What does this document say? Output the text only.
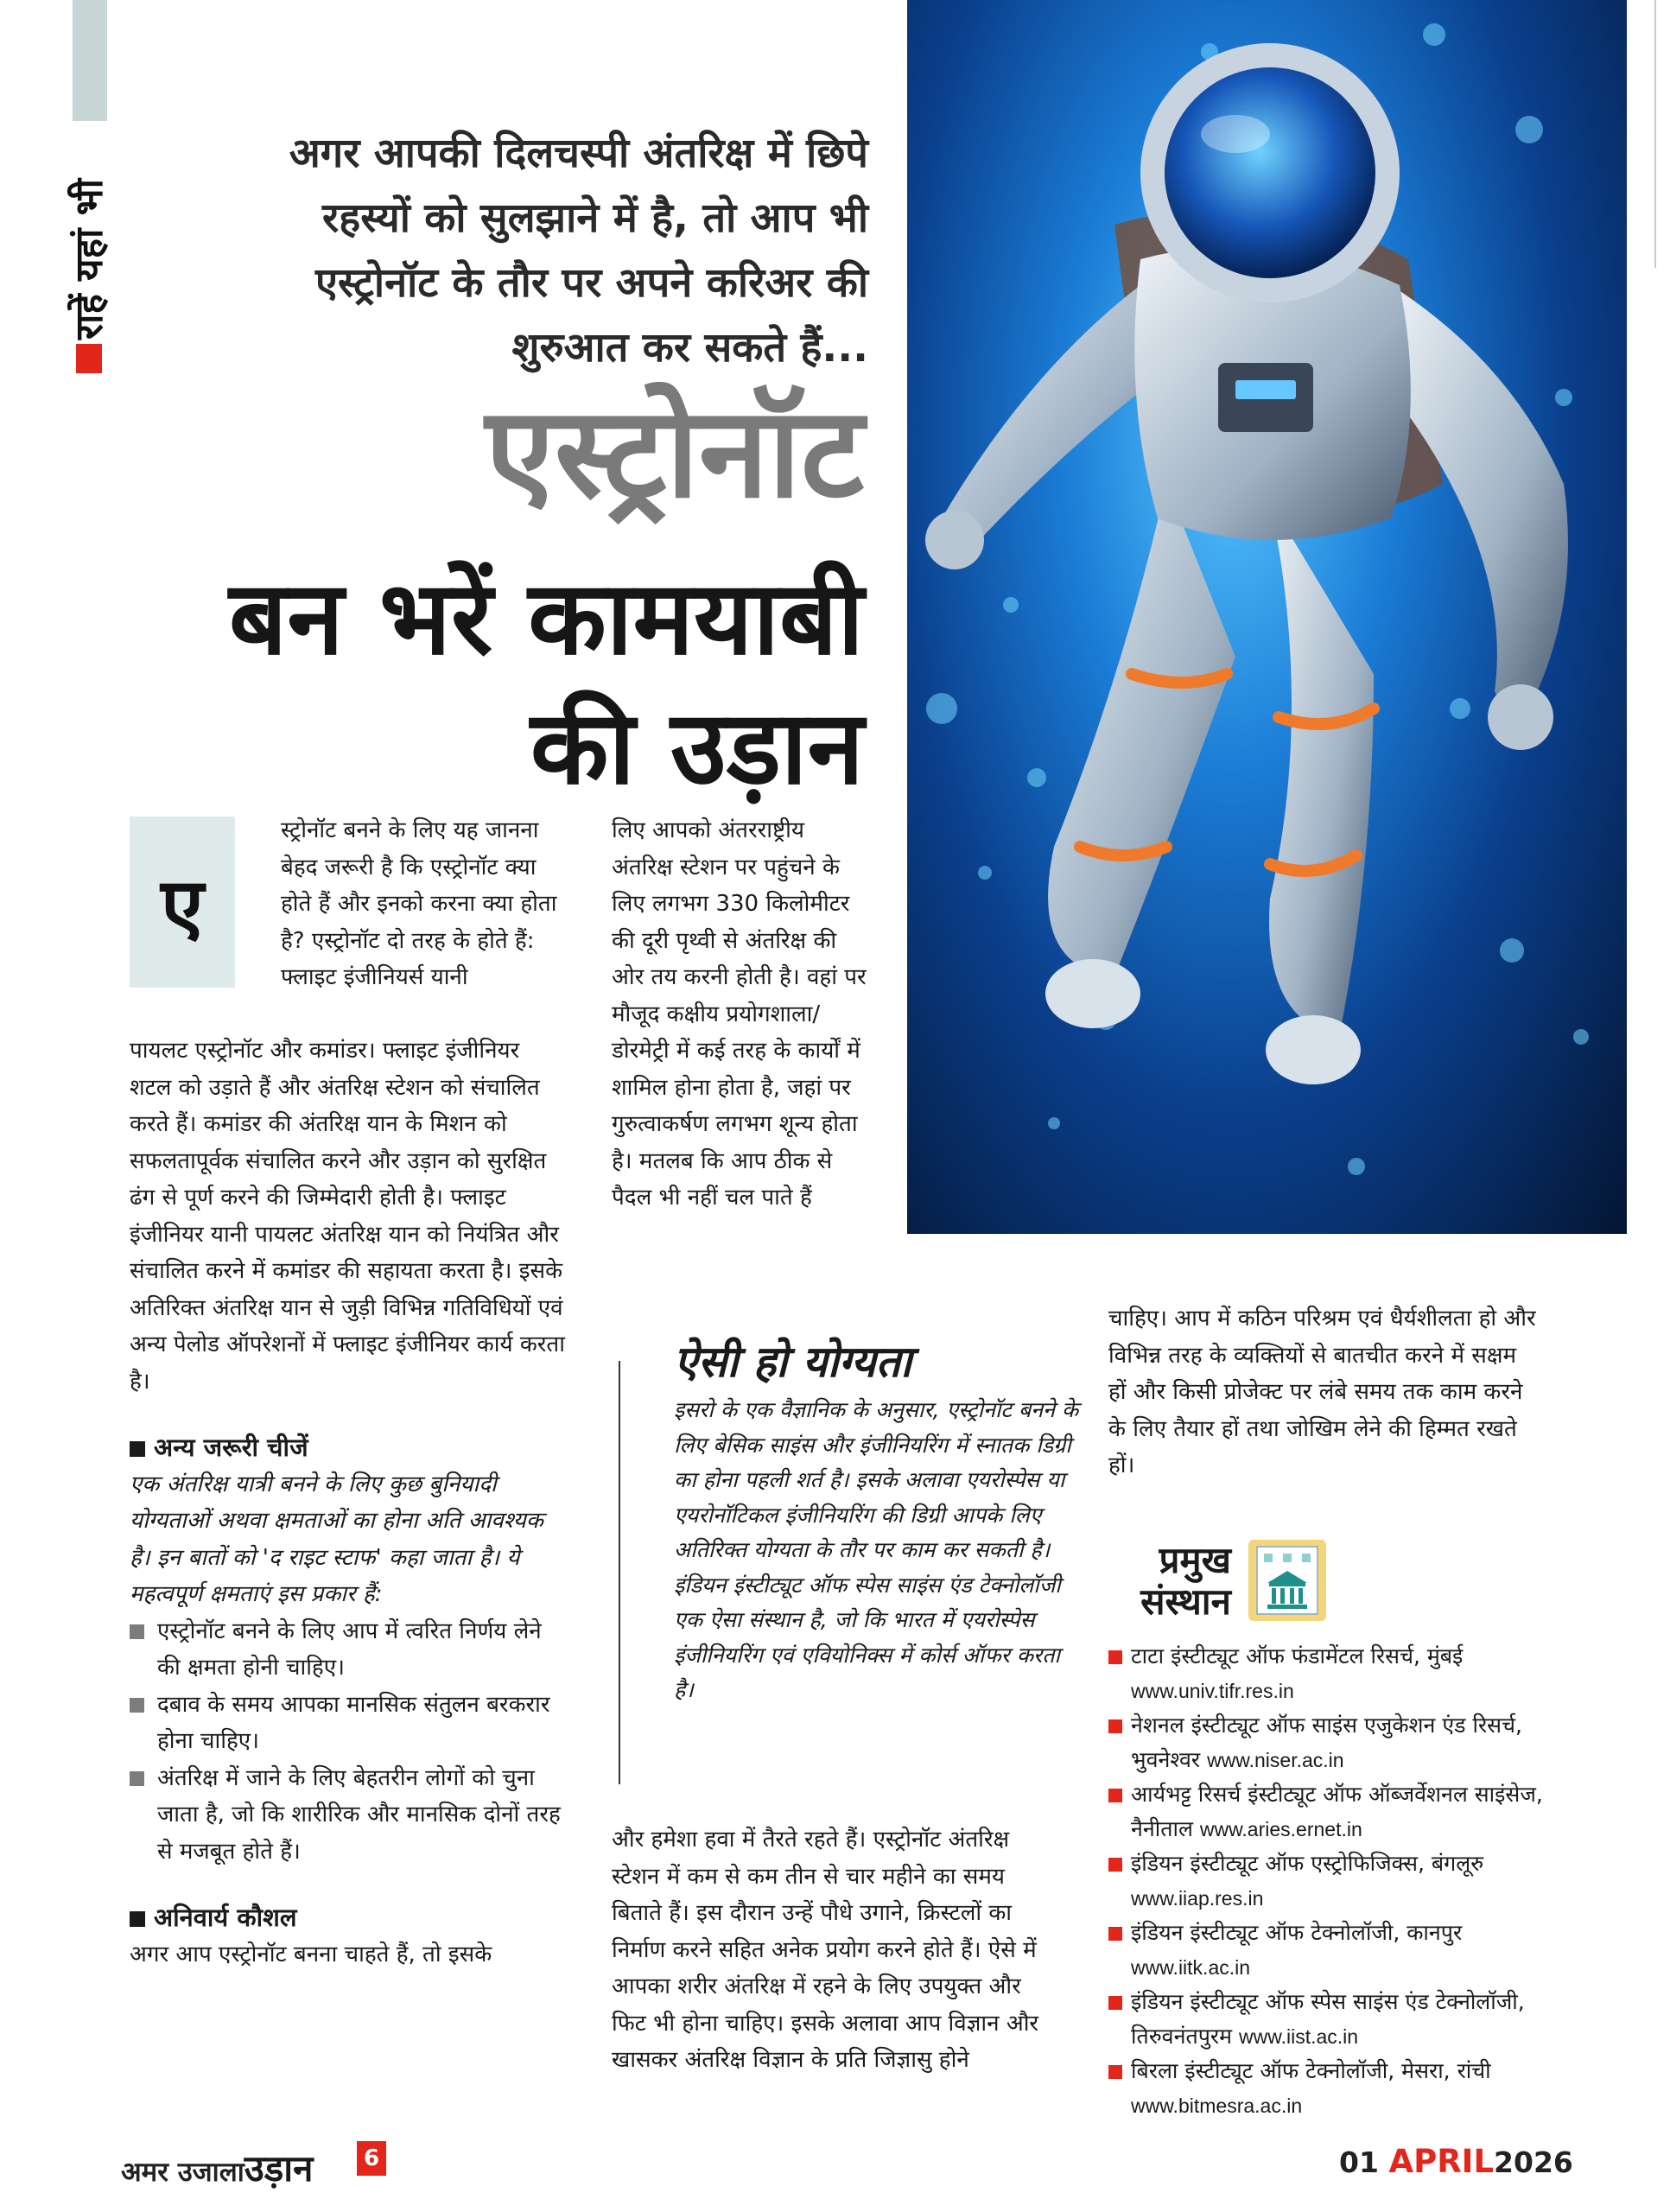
राहें यहां भी
अगर आपकी दिलचस्पी अंतरिक्ष में छिपे रहस्यों को सुलझाने में है, तो आप भी एस्ट्रोनॉट के तौर पर अपने करिअर की शुरुआत कर सकते हैं...
एस्ट्रोनॉट
बन भरें कामयाबी
की उड़ान
ए
स्ट्रोनॉट बनने के लिए यह जानना बेहद जरूरी है कि एस्ट्रोनॉट क्या होते हैं और इनको करना क्या होता है? एस्ट्रोनॉट दो तरह के होते हैं: फ्लाइट इंजीनियर्स यानी
पायलट एस्ट्रोनॉट और कमांडर। फ्लाइट इंजीनियर शटल को उड़ाते हैं और अंतरिक्ष स्टेशन को संचालित करते हैं। कमांडर की अंतरिक्ष यान के मिशन को सफलतापूर्वक संचालित करने और उड़ान को सुरक्षित ढंग से पूर्ण करने की जिम्मेदारी होती है। फ्लाइट इंजीनियर यानी पायलट अंतरिक्ष यान को नियंत्रित और संचालित करने में कमांडर की सहायता करता है। इसके अतिरिक्त अंतरिक्ष यान से जुड़ी विभिन्न गतिविधियों एवं अन्य पेलोड ऑपरेशनों में फ्लाइट इंजीनियर कार्य करता है।
अन्य जरूरी चीजें
एक अंतरिक्ष यात्री बनने के लिए कुछ बुनियादी योग्यताओं अथवा क्षमताओं का होना अति आवश्यक है। इन बातों को 'द राइट स्टाफ' कहा जाता है। ये महत्वपूर्ण क्षमताएं इस प्रकार हैं:
एस्ट्रोनॉट बनने के लिए आप में त्वरित निर्णय लेने की क्षमता होनी चाहिए।
दबाव के समय आपका मानसिक संतुलन बरकरार होना चाहिए।
अंतरिक्ष में जाने के लिए बेहतरीन लोगों को चुना जाता है, जो कि शारीरिक और मानसिक दोनों तरह से मजबूत होते हैं।
अनिवार्य कौशल
अगर आप एस्ट्रोनॉट बनना चाहते हैं, तो इसके
लिए आपको अंतरराष्ट्रीय अंतरिक्ष स्टेशन पर पहुंचने के लिए लगभग 330 किलोमीटर की दूरी पृथ्वी से अंतरिक्ष की ओर तय करनी होती है। वहां पर मौजूद कक्षीय प्रयोगशाला/ डोरमेट्री में कई तरह के कार्यों में शामिल होना होता है, जहां पर गुरुत्वाकर्षण लगभग शून्य होता है। मतलब कि आप ठीक से पैदल भी नहीं चल पाते हैं
ऐसी हो योग्यता
इसरो के एक वैज्ञानिक के अनुसार, एस्ट्रोनॉट बनने के लिए बेसिक साइंस और इंजीनियरिंग में स्नातक डिग्री का होना पहली शर्त है। इसके अलावा एयरोस्पेस या एयरोनॉटिकल इंजीनियरिंग की डिग्री आपके लिए अतिरिक्त योग्यता के तौर पर काम कर सकती है। इंडियन इंस्टीट्यूट ऑफ स्पेस साइंस एंड टेक्नोलॉजी एक ऐसा संस्थान है, जो कि भारत में एयरोस्पेस इंजीनियरिंग एवं एवियोनिक्स में कोर्स ऑफर करता है।
और हमेशा हवा में तैरते रहते हैं। एस्ट्रोनॉट अंतरिक्ष स्टेशन में कम से कम तीन से चार महीने का समय बिताते हैं। इस दौरान उन्हें पौधे उगाने, क्रिस्टलों का निर्माण करने सहित अनेक प्रयोग करने होते हैं। ऐसे में आपका शरीर अंतरिक्ष में रहने के लिए उपयुक्त और फिट भी होना चाहिए। इसके अलावा आप विज्ञान और खासकर अंतरिक्ष विज्ञान के प्रति जिज्ञासु होने
चाहिए। आप में कठिन परिश्रम एवं धैर्यशीलता हो और विभिन्न तरह के व्यक्तियों से बातचीत करने में सक्षम हों और किसी प्रोजेक्ट पर लंबे समय तक काम करने के लिए तैयार हों तथा जोखिम लेने की हिम्मत रखते हों।
प्रमुख
संस्थान
टाटा इंस्टीट्यूट ऑफ फंडामेंटल रिसर्च, मुंबई
www.univ.tifr.res.in
नेशनल इंस्टीट्यूट ऑफ साइंस एजुकेशन एंड रिसर्च, भुवनेश्वर www.niser.ac.in
आर्यभट्ट रिसर्च इंस्टीट्यूट ऑफ ऑब्जर्वेशनल साइंसेज, नैनीताल www.aries.ernet.in
इंडियन इंस्टीट्यूट ऑफ एस्ट्रोफिजिक्स, बंगलूरु
www.iiap.res.in
इंडियन इंस्टीट्यूट ऑफ टेक्नोलॉजी, कानपुर
www.iitk.ac.in
इंडियन इंस्टीट्यूट ऑफ स्पेस साइंस एंड टेक्नोलॉजी, तिरुवनंतपुरम www.iist.ac.in
बिरला इंस्टीट्यूट ऑफ टेक्नोलॉजी, मेसरा, रांची
www.bitmesra.ac.in
अमर उजालाउड़ान	6	01 APRIL2026
